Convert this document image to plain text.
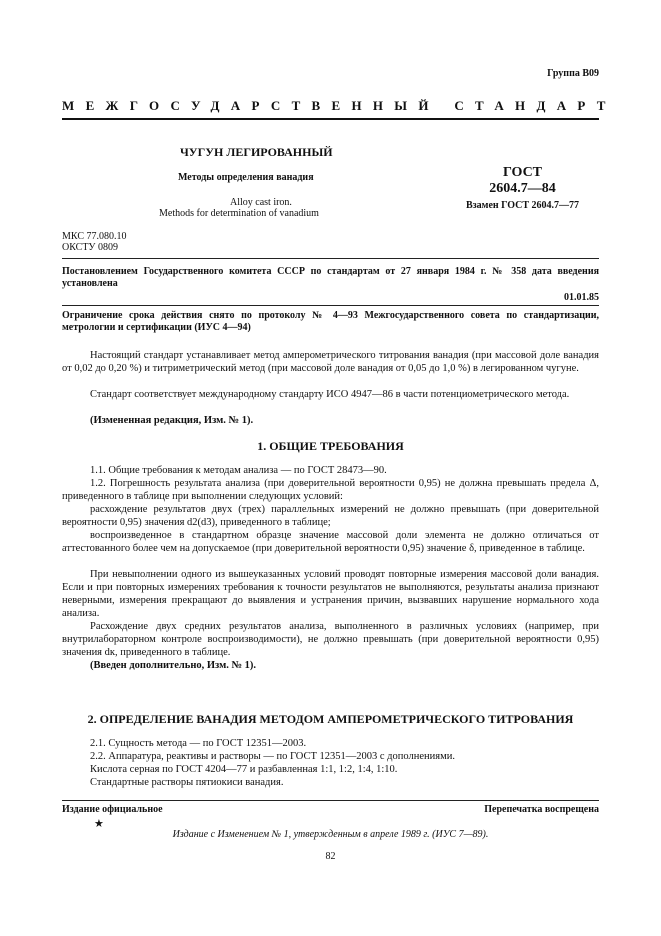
Группа В09
МЕЖГОСУДАРСТВЕННЫЙ СТАНДАРТ
ЧУГУН ЛЕГИРОВАННЫЙ
Методы определения ванадия
Alloy cast iron.
Methods for determination of vanadium
ГОСТ
2604.7—84
Взамен ГОСТ 2604.7—77
МКС 77.080.10
ОКСТУ 0809
Постановлением Государственного комитета СССР по стандартам от 27 января 1984 г. № 358 дата введения установлена
01.01.85
Ограничение срока действия снято по протоколу № 4—93 Межгосударственного совета по стандартизации, метрологии и сертификации (ИУС 4—94)
Настоящий стандарт устанавливает метод амперометрического титрования ванадия (при массовой доле ванадия от 0,02 до 0,20 %) и титриметрический метод (при массовой доле ванадия от 0,05 до 1,0 %) в легированном чугуне.
Стандарт соответствует международному стандарту ИСО 4947—86 в части потенциометрического метода.
(Измененная редакция, Изм. № 1).
1. ОБЩИЕ ТРЕБОВАНИЯ
1.1. Общие требования к методам анализа — по ГОСТ 28473—90.
1.2. Погрешность результата анализа (при доверительной вероятности 0,95) не должна превышать предела Δ, приведенного в таблице при выполнении следующих условий:
расхождение результатов двух (трех) параллельных измерений не должно превышать (при доверительной вероятности 0,95) значения d2(d3), приведенного в таблице;
воспроизведенное в стандартном образце значение массовой доли элемента не должно отличаться от аттестованного более чем на допускаемое (при доверительной вероятности 0,95) значение δ, приведенное в таблице.
При невыполнении одного из вышеуказанных условий проводят повторные измерения массовой доли ванадия. Если и при повторных измерениях требования к точности результатов не выполняются, результаты анализа признают неверными, измерения прекращают до выявления и устранения причин, вызвавших нарушение нормального хода анализа.
Расхождение двух средних результатов анализа, выполненного в различных условиях (например, при внутрилабораторном контроле воспроизводимости), не должно превышать (при доверительной вероятности 0,95) значения dк, приведенного в таблице.
(Введен дополнительно, Изм. № 1).
2. ОПРЕДЕЛЕНИЕ ВАНАДИЯ МЕТОДОМ АМПЕРОМЕТРИЧЕСКОГО ТИТРОВАНИЯ
2.1. Сущность метода — по ГОСТ 12351—2003.
2.2. Аппаратура, реактивы и растворы — по ГОСТ 12351—2003 с дополнениями.
Кислота серная по ГОСТ 4204—77 и разбавленная 1:1, 1:2, 1:4, 1:10.
Стандартные растворы пятиокиси ванадия.
Издание официальное	Перепечатка воспрещена
★
Издание с Изменением № 1, утвержденным в апреле 1989 г. (ИУС 7—89).
82
